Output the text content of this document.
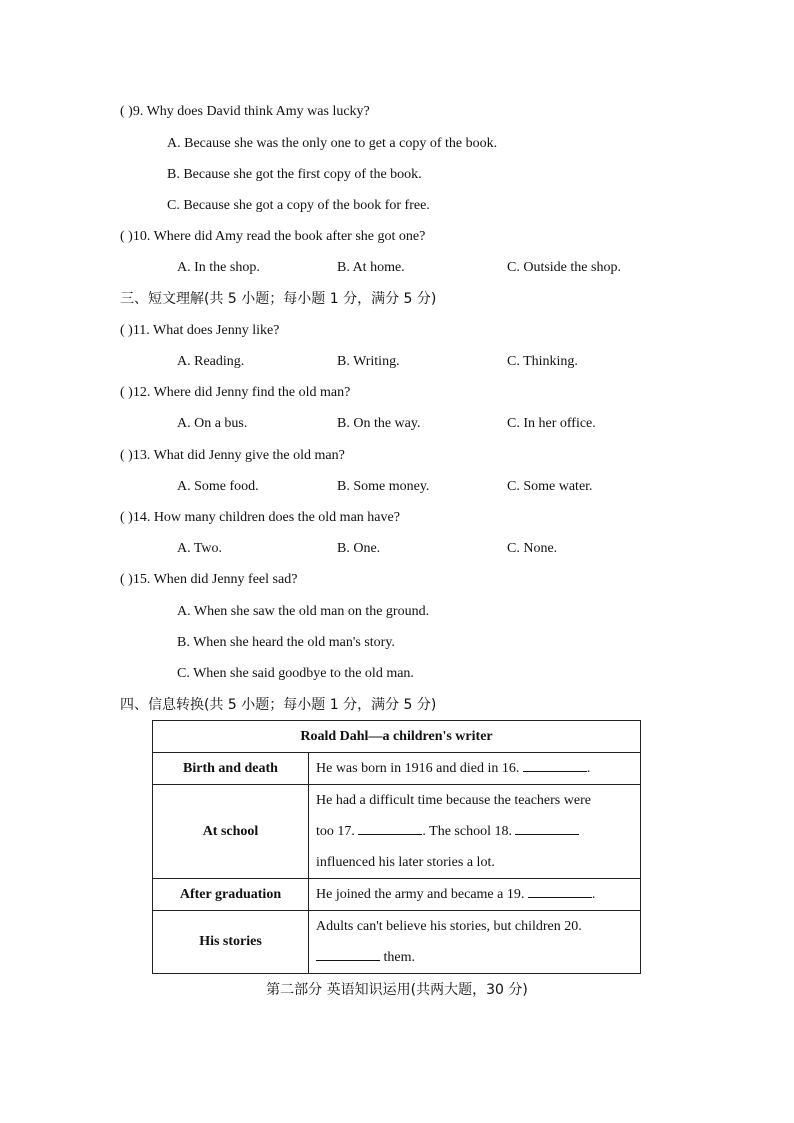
( )9. Why does David think Amy was lucky?
A. Because she was the only one to get a copy of the book.
B. Because she got the first copy of the book.
C. Because she got a copy of the book for free.
( )10. Where did Amy read the book after she got one?
A. In the shop.	B. At home.	C. Outside the shop.
三、短文理解(共 5 小题；每小题 1 分，满分 5 分)
( )11. What does Jenny like?
A. Reading.	B. Writing.	C. Thinking.
( )12. Where did Jenny find the old man?
A. On a bus.	B. On the way.	C. In her office.
( )13. What did Jenny give the old man?
A. Some food.	B. Some money.	C. Some water.
( )14. How many children does the old man have?
A. Two.	B. One.	C. None.
( )15. When did Jenny feel sad?
A. When she saw the old man on the ground.
B. When she heard the old man's story.
C. When she said goodbye to the old man.
四、信息转换(共 5 小题；每小题 1 分，满分 5 分)
Roald Dahl—a children's writer	
Birth and death	He was born in 1916 and died in 16. .
At school	He had a difficult time because the teachers were
too 17. . The school 18.
influenced his later stories a lot.

After graduation	He joined the army and became a 19. .
His stories	Adults can't believe his stories, but children 20.
them.
第二部分 英语知识运用(共两大题，30 分)
